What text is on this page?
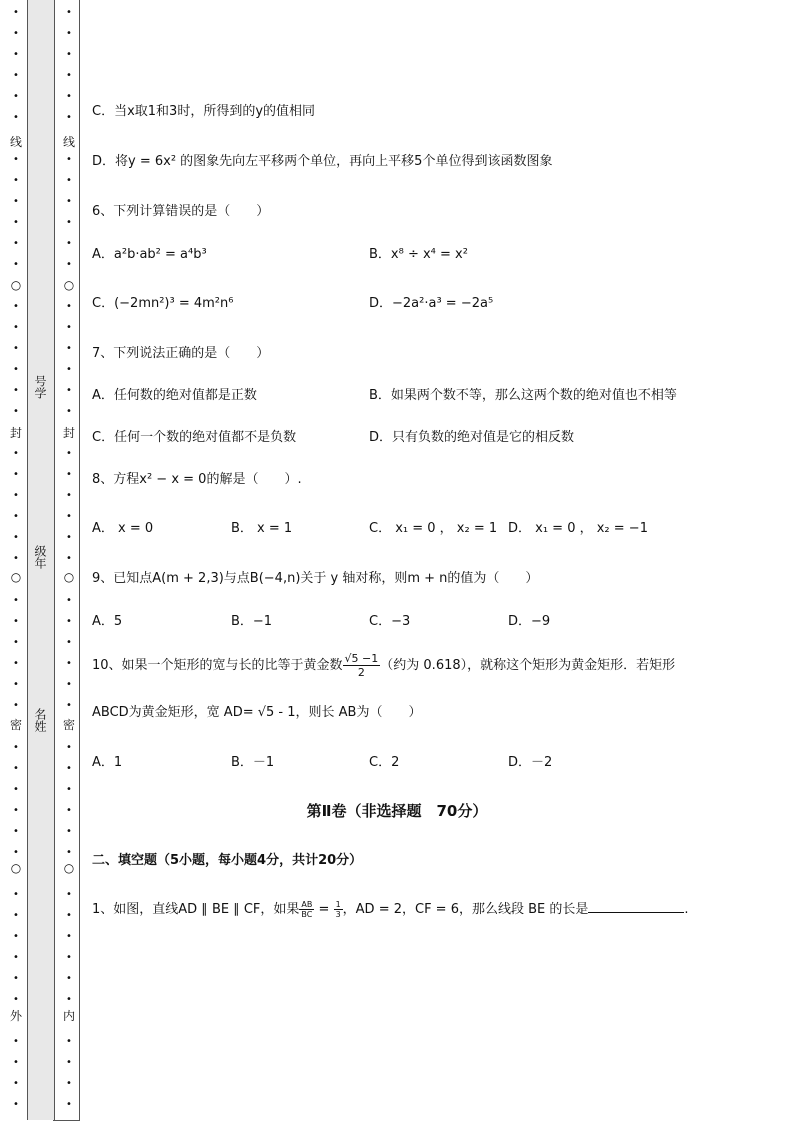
•
•
•
•
•
•
•
•
•
•
•
•
•
•
•
•
•
•
•
•
•
•
•
•
•
•
•
•
•
•
•
•
•
•
•
•
•
•
•
•
•
•
•
•
•
•
•
•
•
•
•
•
•
•
•
•
•
•
•
•
•
•
•
•
•
•
•
•
•
•
•
•
•
•
•
•
•
•
•
•
•
•
•
•
•
•
•
•
•
•
•
•
线
○
封
○
密
○
外
线
○
封
○
密
○
内
号学
级年
名姓
C．当x取1和3时，所得到的y的值相同
D．将y = 6x² 的图象先向左平移两个单位，再向上平移5个单位得到该函数图象
6、下列计算错误的是（　　）
A．a²b·ab² = a⁴b³	B．x⁸ ÷ x⁴ = x²
C．(−2mn²)³ = 4m²n⁶	D．−2a²·a³ = −2a⁵
7、下列说法正确的是（　　）
A．任何数的绝对值都是正数	B．如果两个数不等，那么这两个数的绝对值也不相等
C．任何一个数的绝对值都不是负数	D．只有负数的绝对值是它的相反数
8、方程x² − x = 0的解是（　　）.
A． x = 0	B． x = 1	C． x₁ = 0 ， x₂ = 1 D． x₁ = 0 ， x₂ = −1
9、已知点A(m + 2,3)与点B(−4,n)关于 y 轴对称，则m + n的值为（　　）
A．5	B．−1	C．−3	D．−9
10、如果一个矩形的宽与长的比等于黄金数 $\frac{√5 -1}{2}$ （约为 0.618），就称这个矩形为黄金矩形．若矩形
ABCD为黄金矩形，宽 AD= √5 - 1，则长 AB为（　　）
A．1	B．－1	C．2	D．－2
第Ⅱ卷（非选择题　70分）
二、填空题（5小题，每小题4分，共计20分）
1、如图，直线AD ∥ BE ∥ CF，如果 $\frac{AB}{BC} = \frac{1}{3}$ ，AD = 2，CF = 6，那么线段 BE 的长是	.
